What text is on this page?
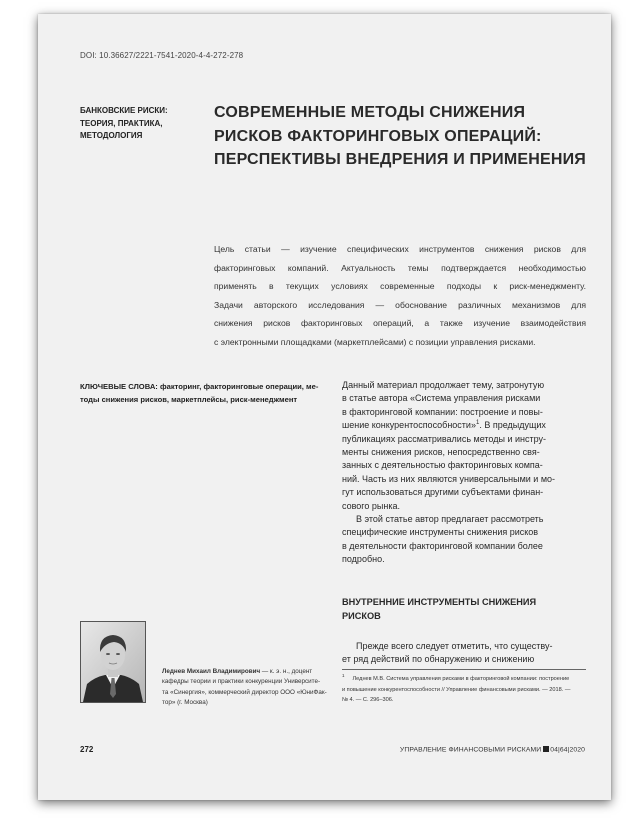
DOI: 10.36627/2221-7541-2020-4-4-272-278
БАНКОВСКИЕ РИСКИ:
ТЕОРИЯ, ПРАКТИКА,
МЕТОДОЛОГИЯ
СОВРЕМЕННЫЕ МЕТОДЫ СНИЖЕНИЯ
РИСКОВ ФАКТОРИНГОВЫХ ОПЕРАЦИЙ:
ПЕРСПЕКТИВЫ ВНЕДРЕНИЯ И ПРИМЕНЕНИЯ
Цель статьи — изучение специфических инструментов снижения рисков для
факторинговых компаний. Актуальность темы подтверждается необходимостью
применять в текущих условиях современные подходы к риск-менеджменту.
Задачи авторского исследования — обоснование различных механизмов для
снижения рисков факторинговых операций, а также изучение взаимодействия
с электронными площадками (маркетплейсами) с позиции управления рисками.
КЛЮЧЕВЫЕ СЛОВА: факторинг, факторинговые операции, ме-
тоды снижения рисков, маркетплейсы, риск-менеджмент
Данный материал продолжает тему, затронутую
в статье автора «Система управления рисками
в факторинговой компании: построение и повы-
шение конкурентоспособности»$^1$. В предыдущих
публикациях рассматривались методы и инстру-
менты снижения рисков, непосредственно свя-
занных с деятельностью факторинговых компа-
ний. Часть из них являются универсальными и мо-
гут использоваться другими субъектами финан-
сового рынка.
В этой статье автор предлагает рассмотреть
специфические инструменты снижения рисков
в деятельности факторинговой компании более
подробно.
ВНУТРЕННИЕ ИНСТРУМЕНТЫ СНИЖЕНИЯ
РИСКОВ
Прежде всего следует отметить, что существу-
ет ряд действий по обнаружению и снижению
$^1$Леднев М.В. Система управления рисками в факторинговой компании: построение
и повышение конкурентоспособности // Управление финансовыми рисками. — 2018. —
№ 4. — С. 296–306.
Леднев Михаил Владимирович — к. э. н., доцент
кафедры теории и практики конкуренции Университе-
та «Синергия», коммерческий директор ООО «ЮниФак-
тор» (г. Москва)
272	УПРАВЛЕНИЕ ФИНАНСОВЫМИ РИСКАМИ 04|64|2020
